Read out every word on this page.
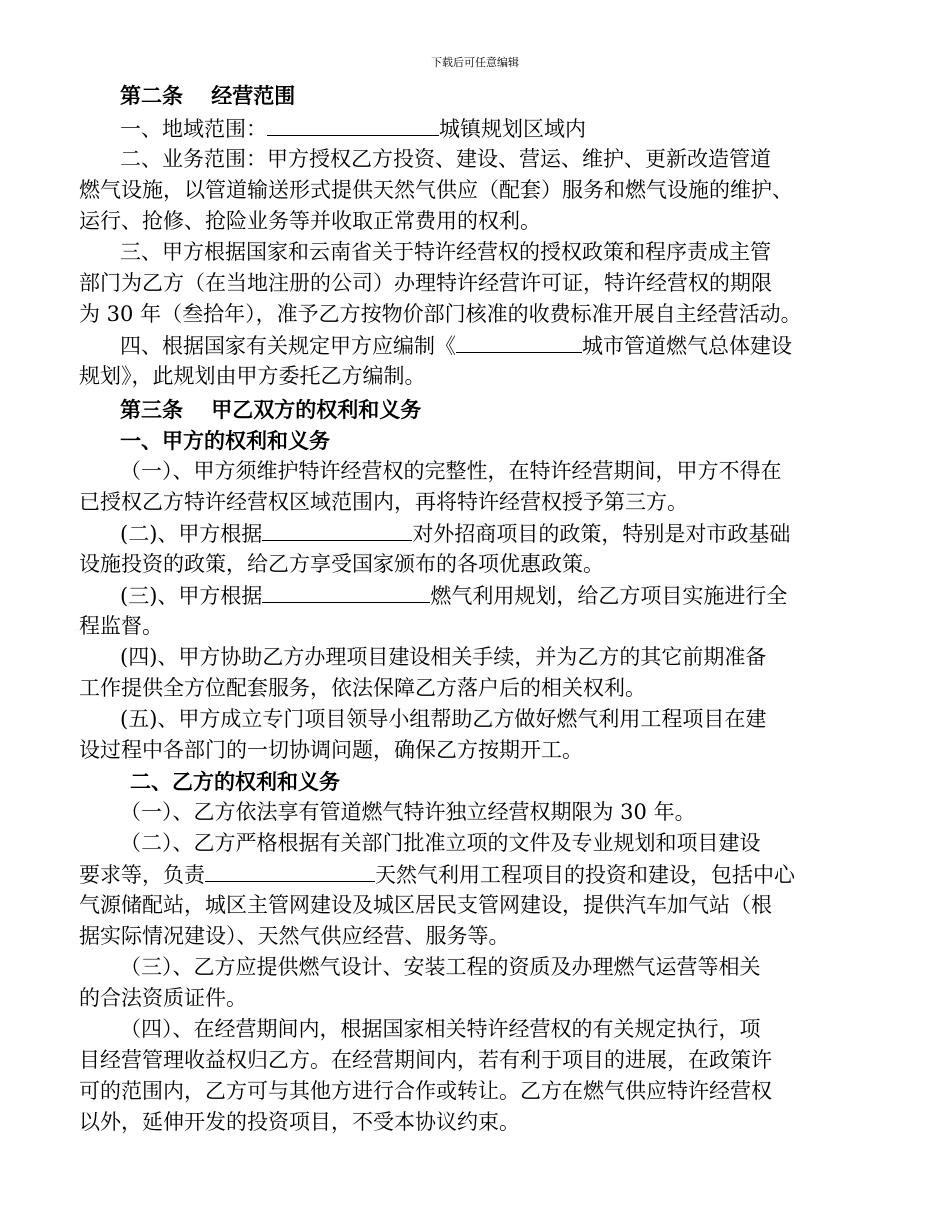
下载后可任意编辑
第二条　 经营范围
一、地域范围：	城镇规划区域内
二、业务范围：甲方授权乙方投资、建设、营运、维护、更新改造管道
燃气设施，以管道输送形式提供天然气供应（配套）服务和燃气设施的维护、
运行、抢修、抢险业务等并收取正常费用的权利。
三、甲方根据国家和云南省关于特许经营权的授权政策和程序责成主管
部门为乙方（在当地注册的公司）办理特许经营许可证，特许经营权的期限
为 30 年（叁拾年），准予乙方按物价部门核准的收费标准开展自主经营活动。
四、根据国家有关规定甲方应编制《	城市管道燃气总体建设
规划》，此规划由甲方委托乙方编制。
第三条　 甲乙双方的权利和义务
一、甲方的权利和义务
（一）、甲方须维护特许经营权的完整性，在特许经营期间，甲方不得在
已授权乙方特许经营权区域范围内，再将特许经营权授予第三方。
(二)、甲方根据	对外招商项目的政策，特别是对市政基础
设施投资的政策，给乙方享受国家颁布的各项优惠政策。
(三)、甲方根据	燃气利用规划，给乙方项目实施进行全
程监督。
(四)、甲方协助乙方办理项目建设相关手续，并为乙方的其它前期准备
工作提供全方位配套服务，依法保障乙方落户后的相关权利。
(五)、甲方成立专门项目领导小组帮助乙方做好燃气利用工程项目在建
设过程中各部门的一切协调问题，确保乙方按期开工。
二、乙方的权利和义务
（一）、乙方依法享有管道燃气特许独立经营权期限为 30 年。
（二）、乙方严格根据有关部门批准立项的文件及专业规划和项目建设
要求等，负责	天然气利用工程项目的投资和建设，包括中心
气源储配站，城区主管网建设及城区居民支管网建设，提供汽车加气站（根
据实际情况建设）、天然气供应经营、服务等。
（三）、乙方应提供燃气设计、安装工程的资质及办理燃气运营等相关
的合法资质证件。
（四）、在经营期间内，根据国家相关特许经营权的有关规定执行，项
目经营管理收益权归乙方。在经营期间内，若有利于项目的进展，在政策许
可的范围内，乙方可与其他方进行合作或转让。乙方在燃气供应特许经营权
以外，延伸开发的投资项目，不受本协议约束。
